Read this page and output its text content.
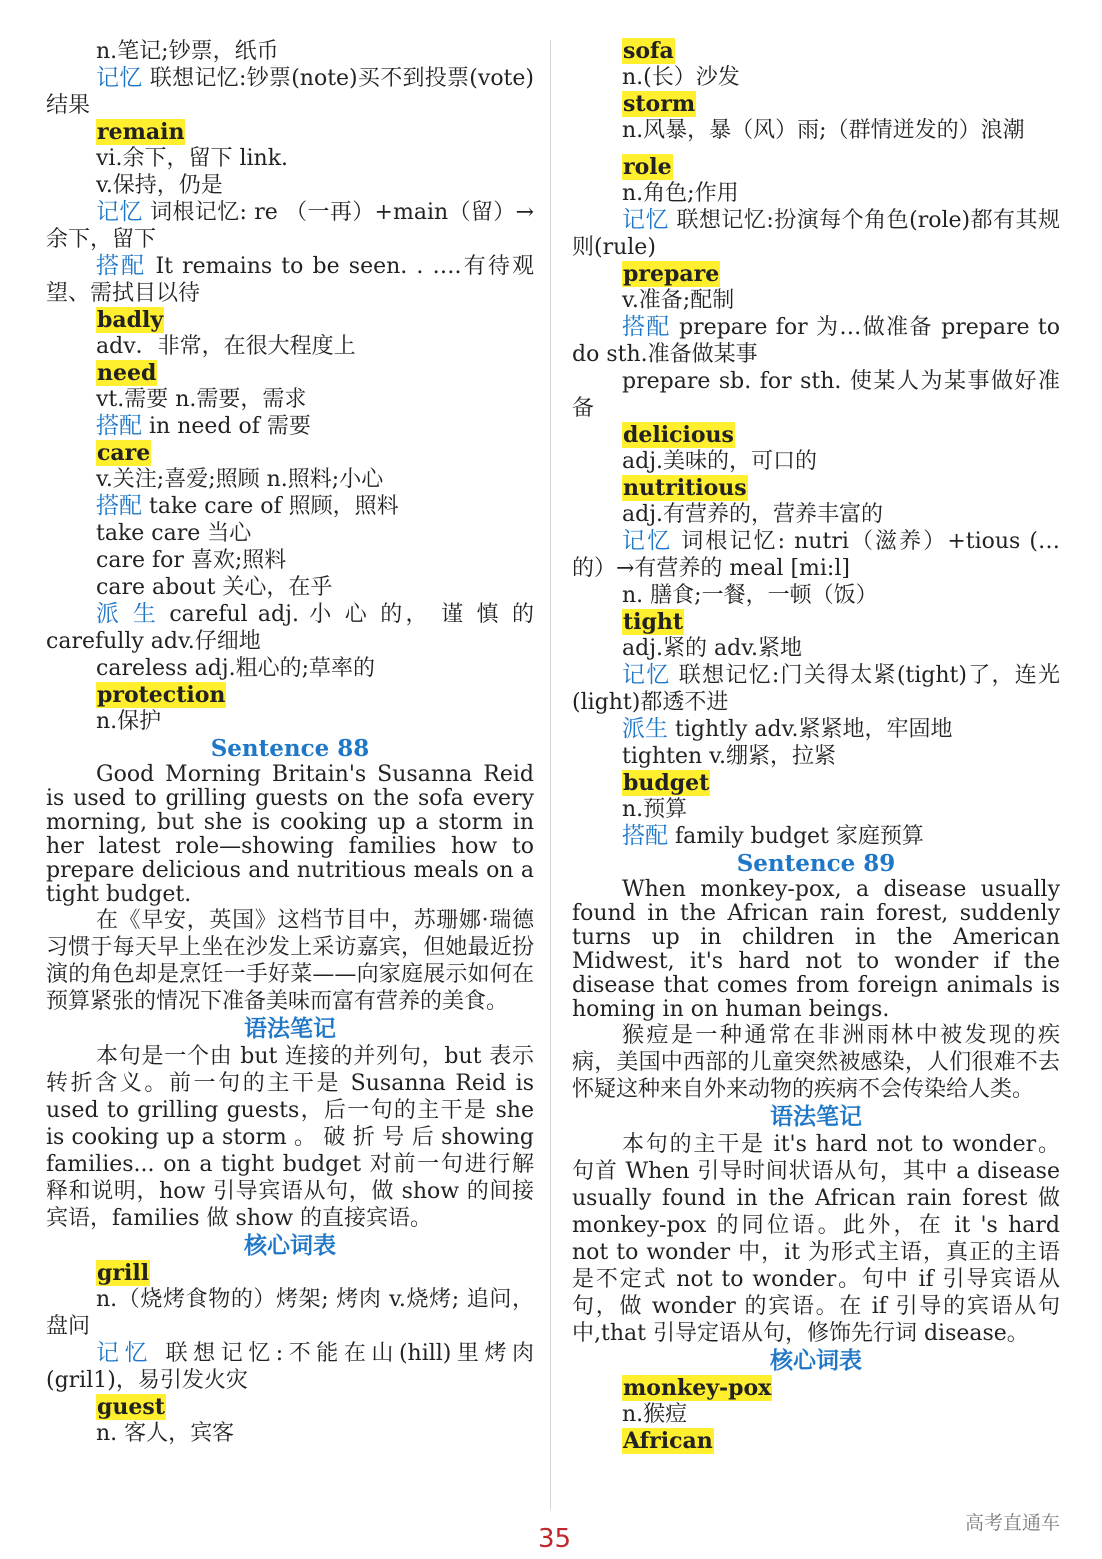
n.笔记;钞票，纸币

记忆 联想记忆:钞票(note)买不到投票(vote)结果

remain

vi.余下，留下 link.

v.保持，仍是

记忆 词根记忆: re （一再）+main（留）→余下，留下

搭配 It remains to be seen. . ….有待观望、需拭目以待

badly

adv．非常，在很大程度上

need

vt.需要 n.需要，需求

搭配 in need of 需要

care

v.关注;喜爱;照顾 n.照料;小心

搭配 take care of 照顾，照料

take care 当心

care for 喜欢;照料

care about 关心，在乎

派 生 careful adj. 小 心 的， 谨 慎 的 carefully adv.仔细地

careless adj.粗心的;草率的

protection

n.保护

Sentence 88

Good Morning Britain's Susanna Reid is used to grilling guests on the sofa every morning, but she is cooking up a storm in her latest role—showing families how to prepare delicious and nutritious meals on a tight budget.

在《早安，英国》这档节目中，苏珊娜·瑞德习惯于每天早上坐在沙发上采访嘉宾，但她最近扮演的角色却是烹饪一手好菜——向家庭展示如何在预算紧张的情况下准备美味而富有营养的美食。

语法笔记

本句是一个由 but 连接的并列句，but 表示转折含义。前一句的主干是 Susanna Reid is used to grilling guests，后一句的主干是 she is cooking up a storm 。 破 折 号 后 showing families... on a tight budget 对前一句进行解释和说明，how 引导宾语从句，做 show 的间接宾语，families 做 show 的直接宾语。

核心词表

grill

n.（烧烤食物的）烤架; 烤肉 v.烧烤; 追问，盘问

记忆 联想记忆:不能在山(hill)里烤肉(gril1)，易引发火灾

guest

n. 客人，宾客

sofa

n.(长）沙发

storm

n.风暴，暴（风）雨;（群情迸发的）浪潮

role

n.角色;作用

记忆 联想记忆:扮演每个角色(role)都有其规则(rule)

prepare

v.准备;配制

搭配 prepare for 为…做准备 prepare to do sth.准备做某事

prepare sb. for sth. 使某人为某事做好准备

delicious

adj.美味的，可口的

nutritious

adj.有营养的，营养丰富的

记忆 词根记忆: nutri（滋养）+tious (…的）→有营养的 meal [mi:l]

n. 膳食;一餐，一顿（饭）

tight

adj.紧的 adv.紧地

记忆 联想记忆:门关得太紧(tight)了，连光(light)都透不进

派生 tightly adv.紧紧地，牢固地

tighten v.绷紧，拉紧

budget

n.预算

搭配 family budget 家庭预算

Sentence 89

When monkey-pox, a disease usually found in the African rain forest, suddenly turns up in children in the American Midwest, it's hard not to wonder if the disease that comes from foreign animals is homing in on human beings.

猴痘是一种通常在非洲雨林中被发现的疾病，美国中西部的儿童突然被感染，人们很难不去怀疑这种来自外来动物的疾病不会传染给人类。

语法笔记

本句的主干是 it's hard not to wonder。句首 When 引导时间状语从句，其中 a disease usually found in the African rain forest 做 monkey-pox 的同位语。此外，在 it 's hard not to wonder 中，it 为形式主语，真正的主语是不定式 not to wonder。句中 if 引导宾语从句，做 wonder 的宾语。在 if 引导的宾语从句中,that 引导定语从句，修饰先行词 disease。

核心词表

monkey-pox

n.猴痘

African

35
高考直通车
